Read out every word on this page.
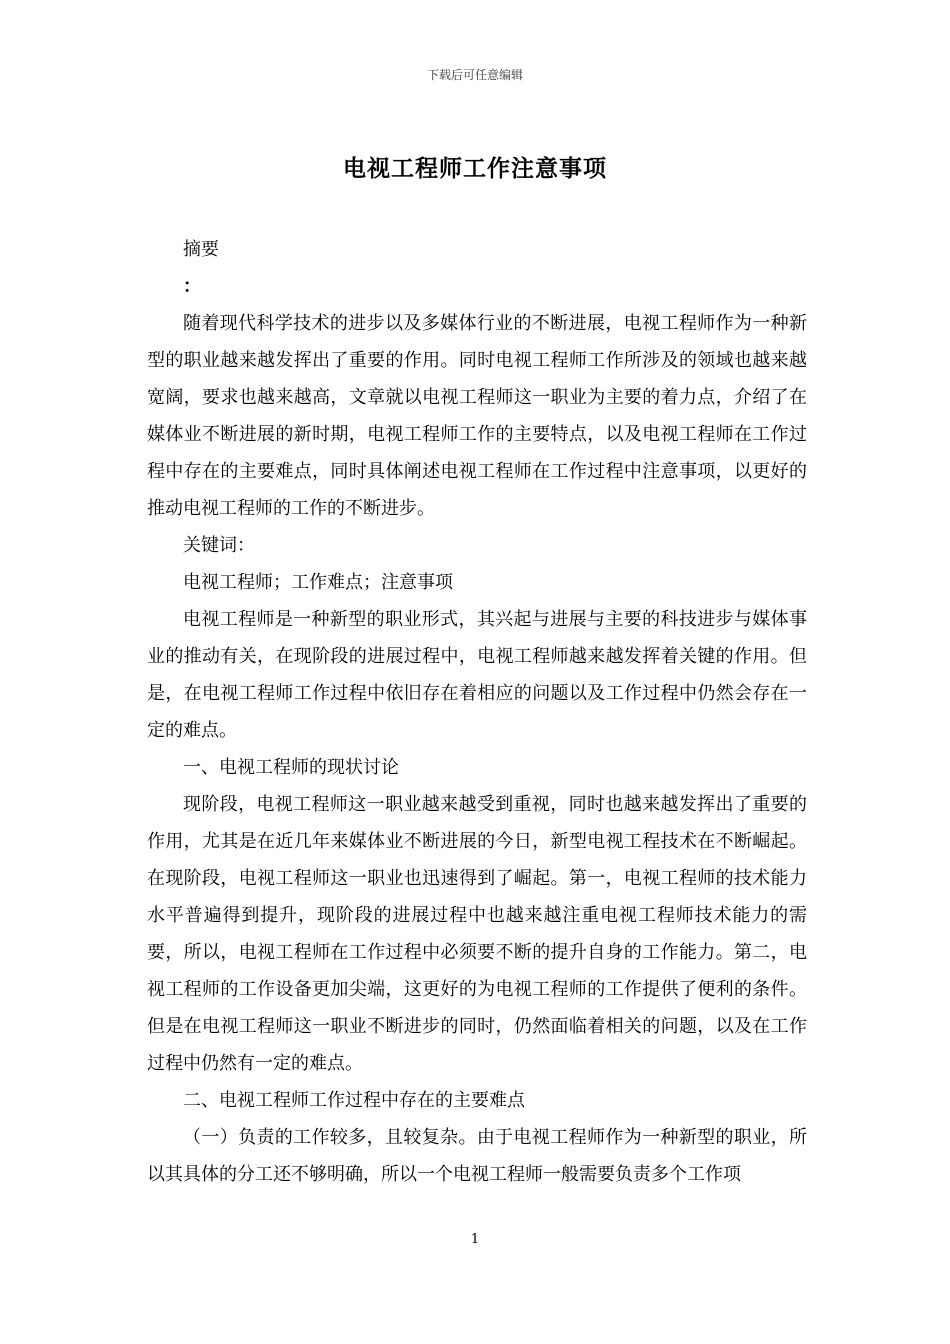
下载后可任意编辑
电视工程师工作注意事项

摘要

：

随着现代科学技术的进步以及多媒体行业的不断进展，电视工程师作为一种新型的职业越来越发挥出了重要的作用。同时电视工程师工作所涉及的领域也越来越宽阔，要求也越来越高，文章就以电视工程师这一职业为主要的着力点，介绍了在媒体业不断进展的新时期，电视工程师工作的主要特点，以及电视工程师在工作过程中存在的主要难点，同时具体阐述电视工程师在工作过程中注意事项，以更好的推动电视工程师的工作的不断进步。

关键词：

电视工程师；工作难点；注意事项

电视工程师是一种新型的职业形式，其兴起与进展与主要的科技进步与媒体事业的推动有关，在现阶段的进展过程中，电视工程师越来越发挥着关键的作用。但是，在电视工程师工作过程中依旧存在着相应的问题以及工作过程中仍然会存在一定的难点。

一、电视工程师的现状讨论

现阶段，电视工程师这一职业越来越受到重视，同时也越来越发挥出了重要的作用，尤其是在近几年来媒体业不断进展的今日，新型电视工程技术在不断崛起。在现阶段，电视工程师这一职业也迅速得到了崛起。第一，电视工程师的技术能力水平普遍得到提升，现阶段的进展过程中也越来越注重电视工程师技术能力的需要，所以，电视工程师在工作过程中必须要不断的提升自身的工作能力。第二，电视工程师的工作设备更加尖端，这更好的为电视工程师的工作提供了便利的条件。但是在电视工程师这一职业不断进步的同时，仍然面临着相关的问题，以及在工作过程中仍然有一定的难点。

二、电视工程师工作过程中存在的主要难点

（一）负责的工作较多，且较复杂。由于电视工程师作为一种新型的职业，所以其具体的分工还不够明确，所以一个电视工程师一般需要负责多个工作项

1
